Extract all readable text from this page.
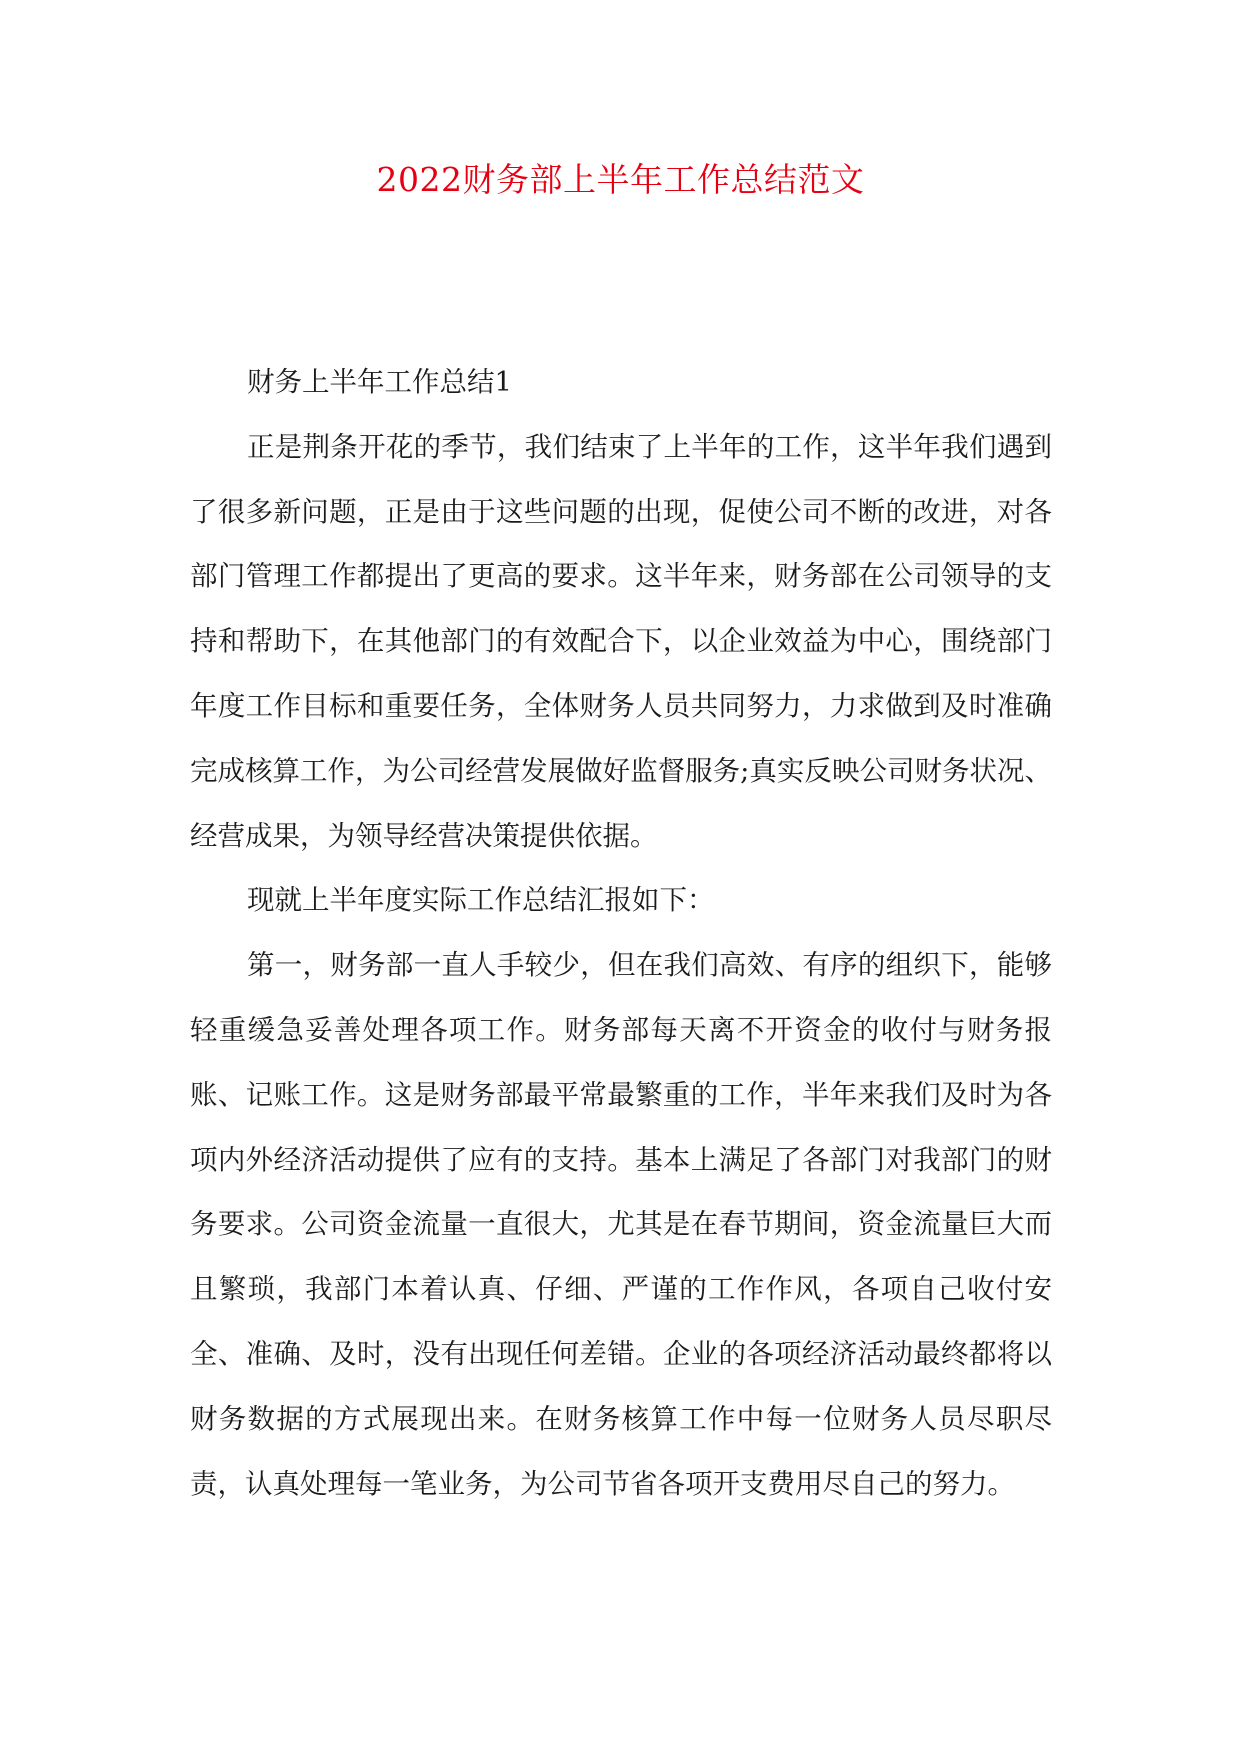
2022财务部上半年工作总结范文

财务上半年工作总结1

正是荆条开花的季节，我们结束了上半年的工作，这半年我们遇到了很多新问题，正是由于这些问题的出现，促使公司不断的改进，对各部门管理工作都提出了更高的要求。这半年来，财务部在公司领导的支持和帮助下，在其他部门的有效配合下，以企业效益为中心，围绕部门年度工作目标和重要任务，全体财务人员共同努力，力求做到及时准确完成核算工作，为公司经营发展做好监督服务;真实反映公司财务状况、经营成果，为领导经营决策提供依据。

现就上半年度实际工作总结汇报如下：

第一，财务部一直人手较少，但在我们高效、有序的组织下，能够轻重缓急妥善处理各项工作。财务部每天离不开资金的收付与财务报账、记账工作。这是财务部最平常最繁重的工作，半年来我们及时为各项内外经济活动提供了应有的支持。基本上满足了各部门对我部门的财务要求。公司资金流量一直很大，尤其是在春节期间，资金流量巨大而且繁琐，我部门本着认真、仔细、严谨的工作作风，各项自己收付安全、准确、及时，没有出现任何差错。企业的各项经济活动最终都将以财务数据的方式展现出来。在财务核算工作中每一位财务人员尽职尽责，认真处理每一笔业务，为公司节省各项开支费用尽自己的努力。
